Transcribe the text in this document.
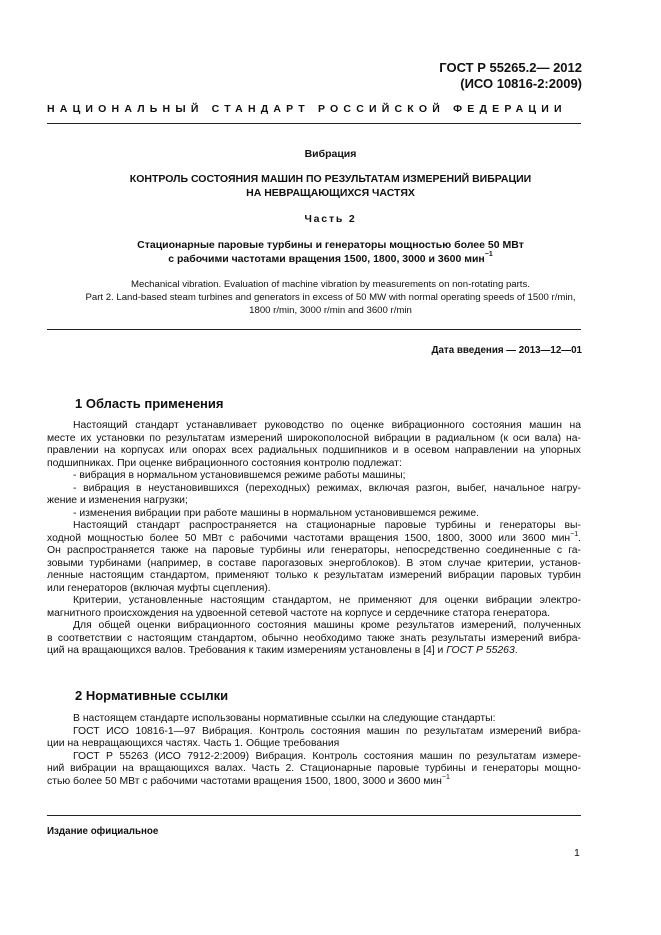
ГОСТ Р 55265.2— 2012
(ИСО 10816-2:2009)
НАЦИОНАЛЬНЫЙ СТАНДАРТ РОССИЙСКОЙ ФЕДЕРАЦИИ
Вибрация
КОНТРОЛЬ СОСТОЯНИЯ МАШИН ПО РЕЗУЛЬТАТАМ ИЗМЕРЕНИЙ ВИБРАЦИИ
НА НЕВРАЩАЮЩИХСЯ ЧАСТЯХ
Часть 2
Стационарные паровые турбины и генераторы мощностью более 50 МВт
с рабочими частотами вращения 1500, 1800, 3000 и 3600 мин$^{-1}$
Mechanical vibration. Evaluation of machine vibration by measurements on non-rotating parts.
Part 2. Land-based steam turbines and generators in excess of 50 MW with normal operating speeds of 1500 r/min,
1800 r/min, 3000 r/min and 3600 r/min
Дата введения — 2013—12—01
1 Область применения
Настоящий стандарт устанавливает руководство по оценке вибрационного состояния машин на
месте их установки по результатам измерений широкополосной вибрации в радиальном (к оси вала) на-
правлении на корпусах или опорах всех радиальных подшипников и в осевом направлении на упорных
подшипниках. При оценке вибрационного состояния контролю подлежат:
- вибрация в нормальном установившемся режиме работы машины;
- вибрация в неустановившихся (переходных) режимах, включая разгон, выбег, начальное нагру-
жение и изменения нагрузки;
- изменения вибрации при работе машины в нормальном установившемся режиме.
Настоящий стандарт распространяется на стационарные паровые турбины и генераторы вы-
ходной мощностью более 50 МВт с рабочими частотами вращения 1500, 1800, 3000 или 3600 мин$^{-1}$.
Он распространяется также на паровые турбины или генераторы, непосредственно соединенные с га-
зовыми турбинами (например, в составе парогазовых энергоблоков). В этом случае критерии, установ-
ленные настоящим стандартом, применяют только к результатам измерений вибрации паровых турбин
или генераторов (включая муфты сцепления).
Критерии, установленные настоящим стандартом, не применяют для оценки вибрации электро-
магнитного происхождения на удвоенной сетевой частоте на корпусе и сердечнике статора генератора.
Для общей оценки вибрационного состояния машины кроме результатов измерений, полученных
в соответствии с настоящим стандартом, обычно необходимо также знать результаты измерений вибра-
ций на вращающихся валов. Требования к таким измерениям установлены в [4] и ГОСТ Р 55263.
2 Нормативные ссылки
В настоящем стандарте использованы нормативные ссылки на следующие стандарты:
ГОСТ ИСО 10816-1—97 Вибрация. Контроль состояния машин по результатам измерений вибра-
ции на невращающихся частях. Часть 1. Общие требования
ГОСТ Р 55263 (ИСО 7912-2:2009) Вибрация. Контроль состояния машин по результатам измере-
ний вибрации на вращающихся валах. Часть 2. Стационарные паровые турбины и генераторы мощно-
стью более 50 МВт с рабочими частотами вращения 1500, 1800, 3000 и 3600 мин$^{-1}$
Издание официальное
1
